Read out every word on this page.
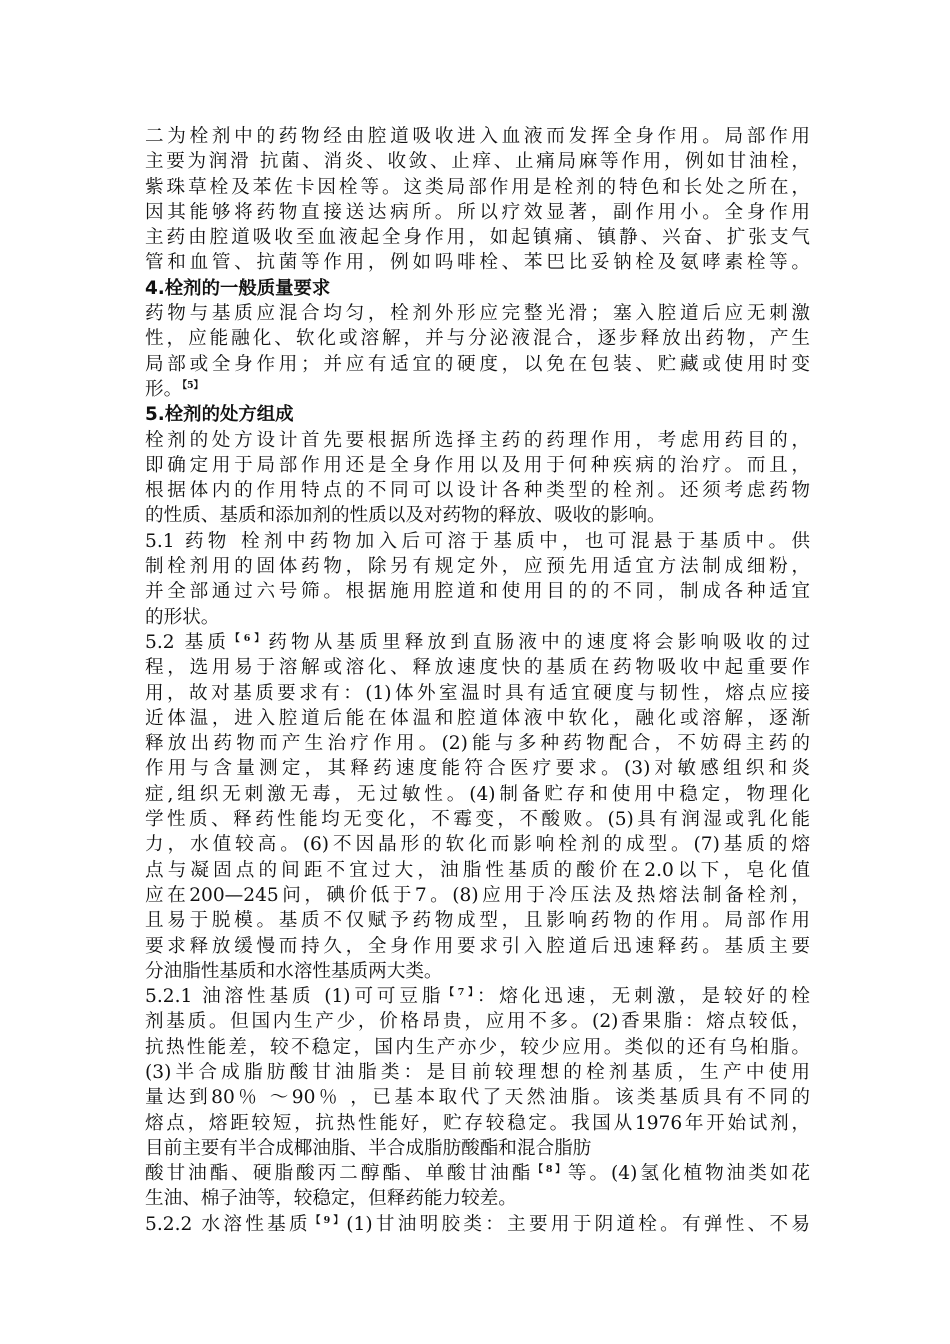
二为栓剂中的药物经由腔道吸收进入血液而发挥全身作用。局部作用
主要为润滑 抗菌、消炎、收敛、止痒、止痛局麻等作用，例如甘油栓，
紫珠草栓及苯佐卡因栓等。这类局部作用是栓剂的特色和长处之所在，
因其能够将药物直接送达病所。所以疗效显著，副作用小。全身作用
主药由腔道吸收至血液起全身作用，如起镇痛、镇静、兴奋、扩张支气
管和血管、抗菌等作用，例如吗啡栓、苯巴比妥钠栓及氨哮素栓等。
4.栓剂的一般质量要求
药物与基质应混合均匀，栓剂外形应完整光滑；塞入腔道后应无刺激
性，应能融化、软化或溶解，并与分泌液混合，逐步释放出药物，产生
局部或全身作用；并应有适宜的硬度，以免在包装、贮藏或使用时变
形。$^{【5】}$
5.栓剂的处方组成
栓剂的处方设计首先要根据所选择主药的药理作用，考虑用药目的，
即确定用于局部作用还是全身作用以及用于何种疾病的治疗。而且，
根据体内的作用特点的不同可以设计各种类型的栓剂。还须考虑药物
的性质、基质和添加剂的性质以及对药物的释放、吸收的影响。
5.1 药物 栓剂中药物加入后可溶于基质中，也可混悬于基质中。供
制栓剂用的固体药物，除另有规定外，应预先用适宜方法制成细粉，
并全部通过六号筛。根据施用腔道和使用目的的不同，制成各种适宜
的形状。
5.2 基质$^{【6】}$药物从基质里释放到直肠液中的速度将会影响吸收的过
程，选用易于溶解或溶化、释放速度快的基质在药物吸收中起重要作
用，故对基质要求有：(1)体外室温时具有适宜硬度与韧性，熔点应接
近体温，进入腔道后能在体温和腔道体液中软化，融化或溶解，逐渐
释放出药物而产生治疗作用。(2)能与多种药物配合，不妨碍主药的
作用与含量测定，其释药速度能符合医疗要求。(3)对敏感组织和炎
症,组织无刺激无毒，无过敏性。(4)制备贮存和使用中稳定，物理化
学性质、释药性能均无变化，不霉变，不酸败。(5)具有润湿或乳化能
力，水值较高。(6)不因晶形的软化而影响栓剂的成型。(7)基质的熔
点与凝固点的间距不宜过大，油脂性基质的酸价在2.0以下，皂化值
应在200—245问，碘价低于7。(8)应用于冷压法及热熔法制备栓剂，
且易于脱模。基质不仅赋予药物成型，且影响药物的作用。局部作用
要求释放缓慢而持久，全身作用要求引入腔道后迅速释药。基质主要
分油脂性基质和水溶性基质两大类。
5.2.1 油溶性基质 (1)可可豆脂$^{【7】}$：熔化迅速，无刺激，是较好的栓
剂基质。但国内生产少，价格昂贵，应用不多。(2)香果脂：熔点较低，
抗热性能差，较不稳定，国内生产亦少，较少应用。类似的还有乌桕脂。
(3)半合成脂肪酸甘油脂类：是目前较理想的栓剂基质，生产中使用
量达到80％ ～90％ ，已基本取代了天然油脂。该类基质具有不同的
熔点，熔距较短，抗热性能好，贮存较稳定。我国从1976年开始试剂，
目前主要有半合成椰油脂、半合成脂肪酸酯和混合脂肪
酸甘油酯、硬脂酸丙二醇酯、单酸甘油酯$^{【8】}$等。(4)氢化植物油类如花
生油、棉子油等，较稳定，但释药能力较差。
5.2.2 水溶性基质$^{【9】}$(1)甘油明胶类：主要用于阴道栓。有弹性、不易
